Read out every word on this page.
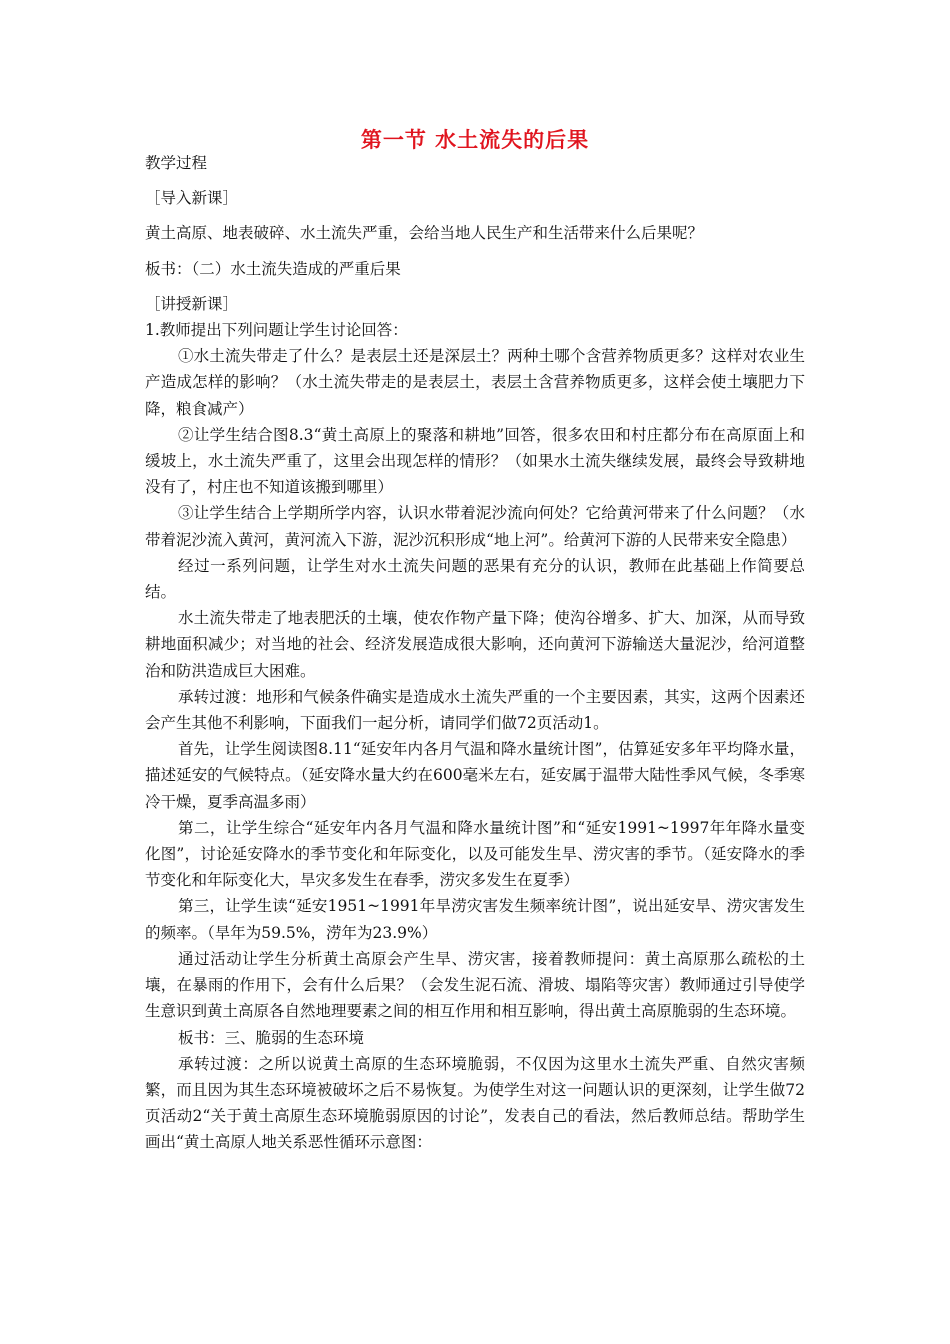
第一节 水土流失的后果

教学过程

［导入新课］

黄土高原、地表破碎、水土流失严重，会给当地人民生产和生活带来什么后果呢？

板书：（二）水土流失造成的严重后果

［讲授新课］

1.教师提出下列问题让学生讨论回答：

①水土流失带走了什么？是表层土还是深层土？两种土哪个含营养物质更多？这样对农业生产造成怎样的影响？（水土流失带走的是表层土，表层土含营养物质更多，这样会使土壤肥力下降，粮食减产）

②让学生结合图8.3“黄土高原上的聚落和耕地”回答，很多农田和村庄都分布在高原面上和缓坡上，水土流失严重了，这里会出现怎样的情形？（如果水土流失继续发展，最终会导致耕地没有了，村庄也不知道该搬到哪里）

③让学生结合上学期所学内容，认识水带着泥沙流向何处？它给黄河带来了什么问题？（水带着泥沙流入黄河，黄河流入下游，泥沙沉积形成“地上河”。给黄河下游的人民带来安全隐患）

经过一系列问题，让学生对水土流失问题的恶果有充分的认识，教师在此基础上作简要总结。

水土流失带走了地表肥沃的土壤，使农作物产量下降；使沟谷增多、扩大、加深，从而导致耕地面积减少；对当地的社会、经济发展造成很大影响，还向黄河下游输送大量泥沙，给河道整治和防洪造成巨大困难。

承转过渡：地形和气候条件确实是造成水土流失严重的一个主要因素，其实，这两个因素还会产生其他不利影响，下面我们一起分析，请同学们做72页活动1。

首先，让学生阅读图8.11“延安年内各月气温和降水量统计图”，估算延安多年平均降水量，描述延安的气候特点。（延安降水量大约在600毫米左右，延安属于温带大陆性季风气候，冬季寒冷干燥，夏季高温多雨）

第二，让学生综合“延安年内各月气温和降水量统计图”和“延安1991~1997年年降水量变化图”，讨论延安降水的季节变化和年际变化，以及可能发生旱、涝灾害的季节。（延安降水的季节变化和年际变化大，旱灾多发生在春季，涝灾多发生在夏季）

第三，让学生读“延安1951~1991年旱涝灾害发生频率统计图”，说出延安旱、涝灾害发生的频率。（旱年为59.5%，涝年为23.9%）

通过活动让学生分析黄土高原会产生旱、涝灾害，接着教师提问：黄土高原那么疏松的土壤，在暴雨的作用下，会有什么后果？（会发生泥石流、滑坡、塌陷等灾害）教师通过引导使学生意识到黄土高原各自然地理要素之间的相互作用和相互影响，得出黄土高原脆弱的生态环境。

板书：三、脆弱的生态环境

承转过渡：之所以说黄土高原的生态环境脆弱，不仅因为这里水土流失严重、自然灾害频繁，而且因为其生态环境被破坏之后不易恢复。为使学生对这一问题认识的更深刻，让学生做72页活动2“关于黄土高原生态环境脆弱原因的讨论”，发表自己的看法，然后教师总结。帮助学生画出“黄土高原人地关系恶性循环示意图：
